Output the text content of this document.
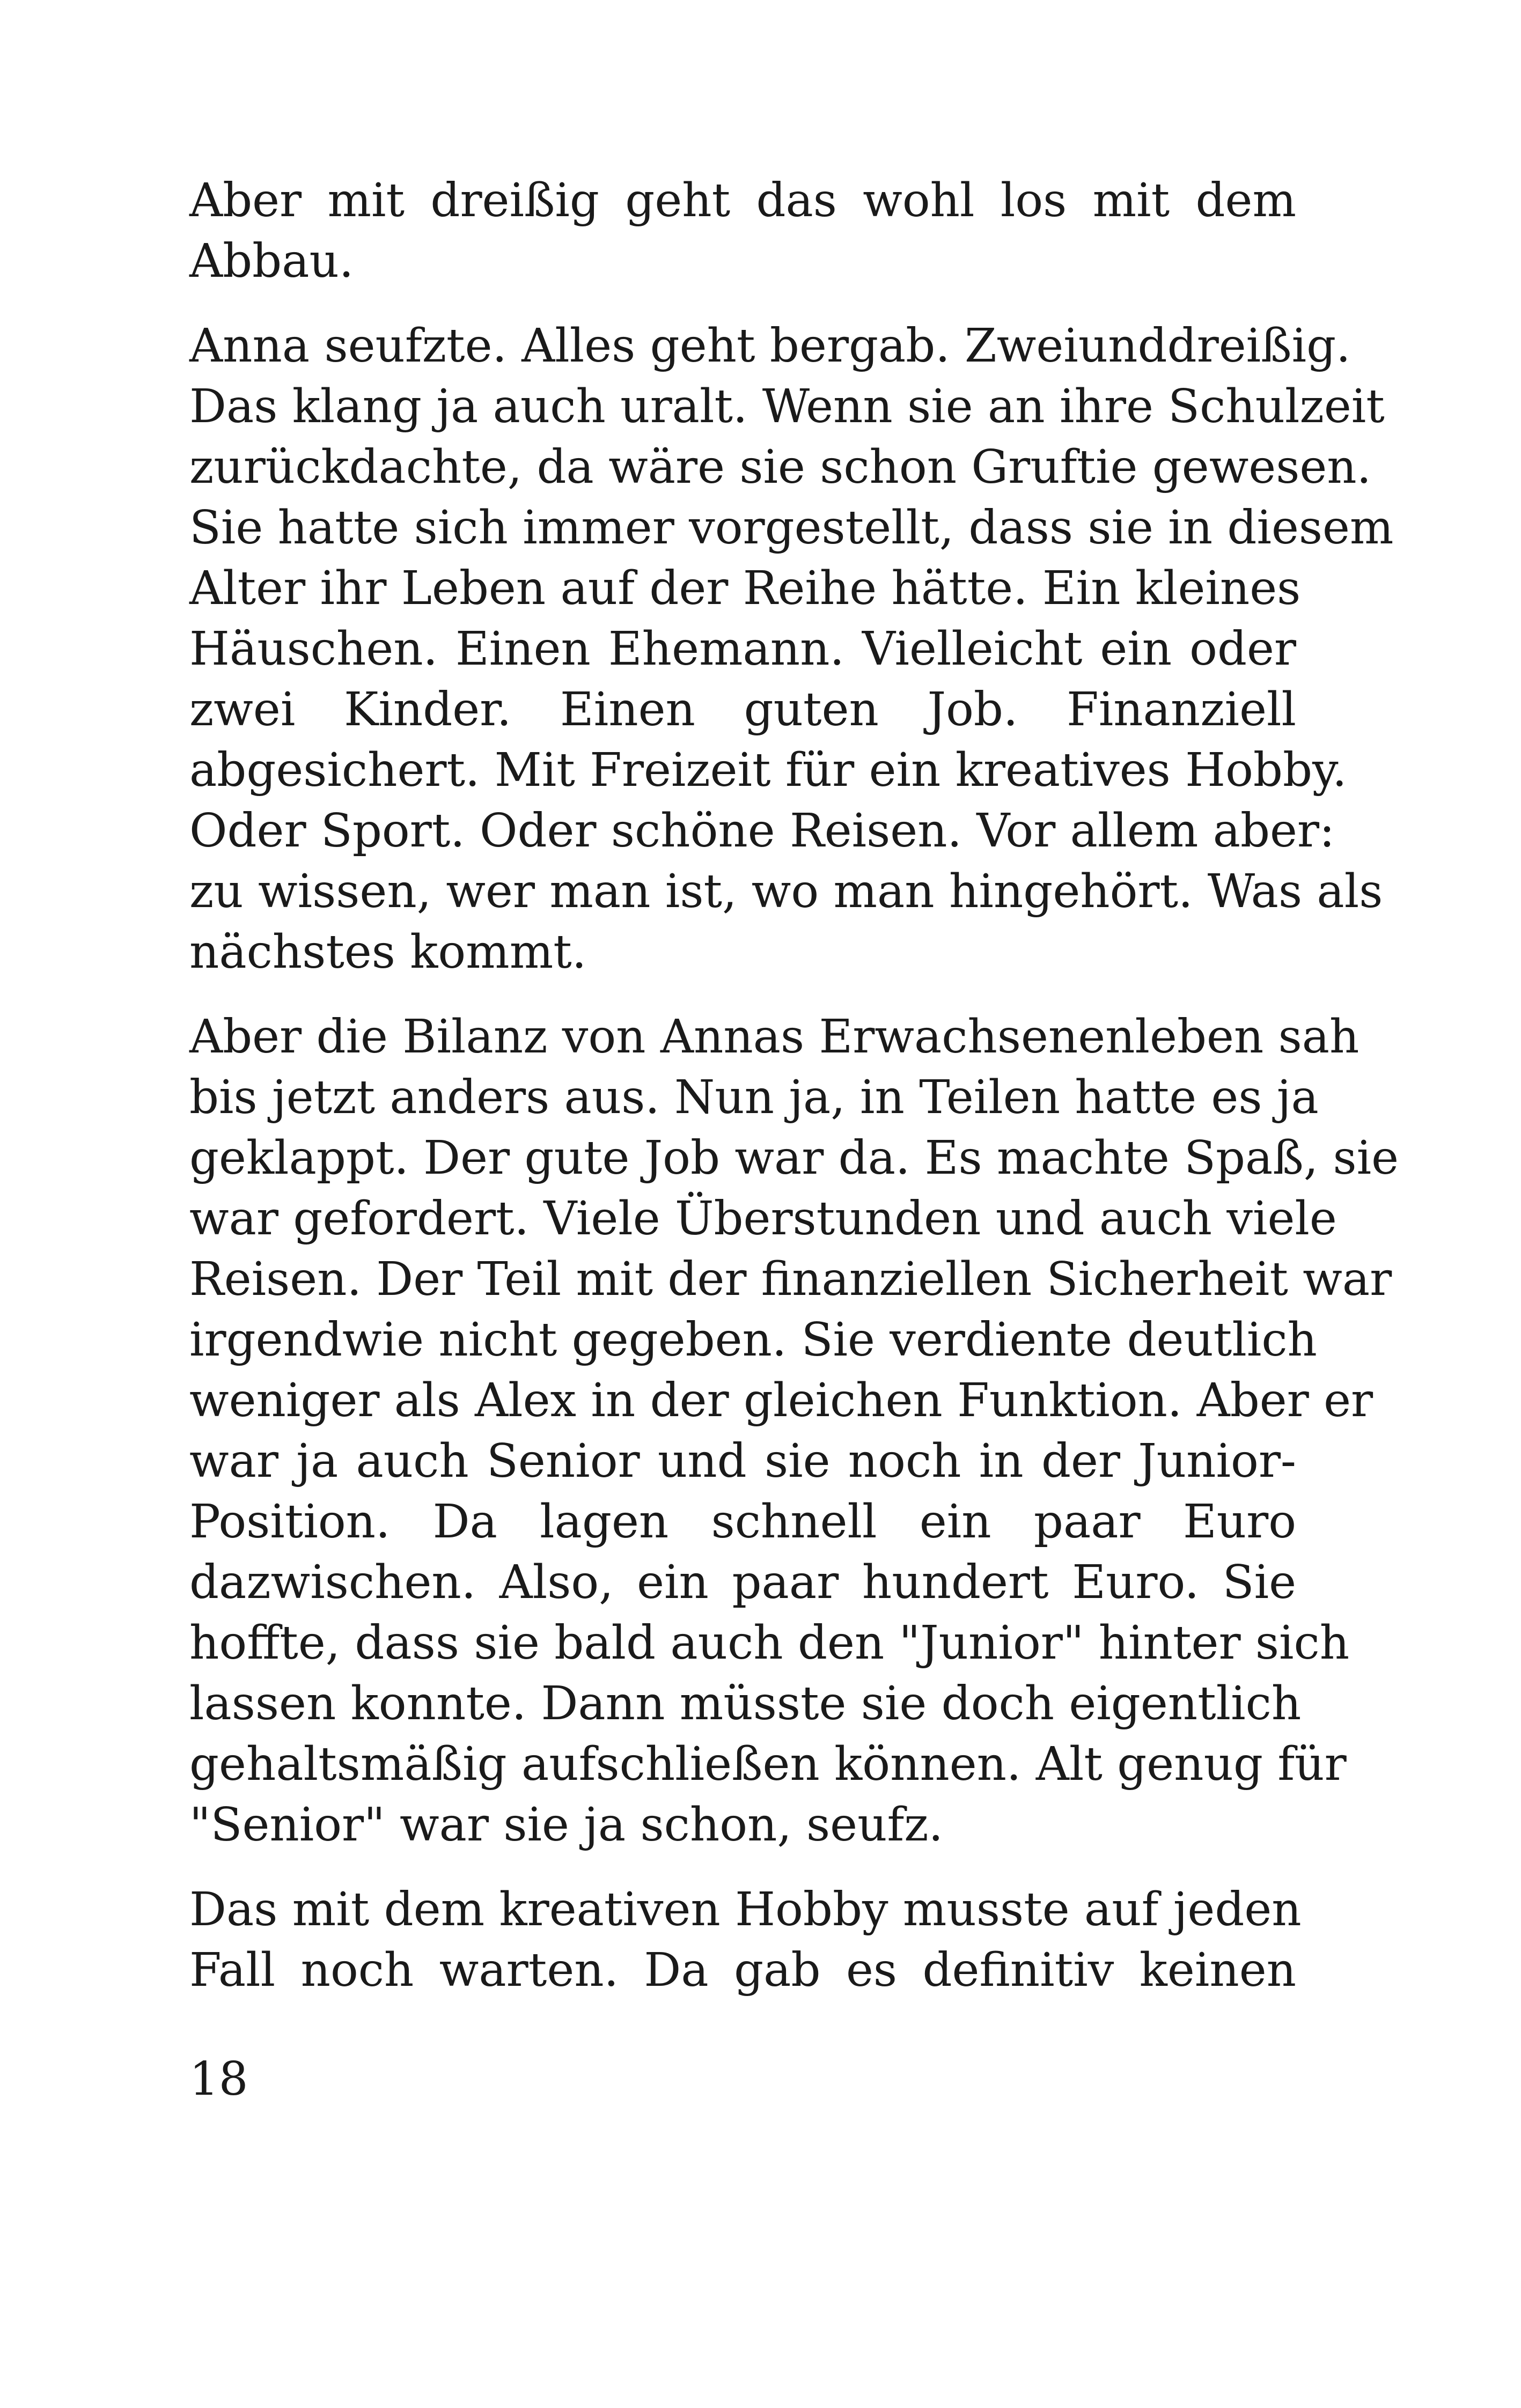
Aber mit dreißig geht das wohl los mit dem
Abbau.

Anna seufzte. Alles geht bergab. Zweiunddreißig.
Das klang ja auch uralt. Wenn sie an ihre Schulzeit
zurückdachte, da wäre sie schon Gruftie gewesen.
Sie hatte sich immer vorgestellt, dass sie in diesem
Alter ihr Leben auf der Reihe hätte. Ein kleines
Häuschen. Einen Ehemann. Vielleicht ein oder
zwei Kinder. Einen guten Job. Finanziell
abgesichert. Mit Freizeit für ein kreatives Hobby.
Oder Sport. Oder schöne Reisen. Vor allem aber:
zu wissen, wer man ist, wo man hingehört. Was als
nächstes kommt.

Aber die Bilanz von Annas Erwachsenenleben sah
bis jetzt anders aus. Nun ja, in Teilen hatte es ja
geklappt. Der gute Job war da. Es machte Spaß, sie
war gefordert. Viele Überstunden und auch viele
Reisen. Der Teil mit der finanziellen Sicherheit war
irgendwie nicht gegeben. Sie verdiente deutlich
weniger als Alex in der gleichen Funktion. Aber er
war ja auch Senior und sie noch in der Junior-
Position. Da lagen schnell ein paar Euro
dazwischen. Also, ein paar hundert Euro. Sie
hoffte, dass sie bald auch den "Junior" hinter sich
lassen konnte. Dann müsste sie doch eigentlich
gehaltsmäßig aufschließen können. Alt genug für
"Senior" war sie ja schon, seufz.

Das mit dem kreativen Hobby musste auf jeden
Fall noch warten. Da gab es definitiv keinen

18
